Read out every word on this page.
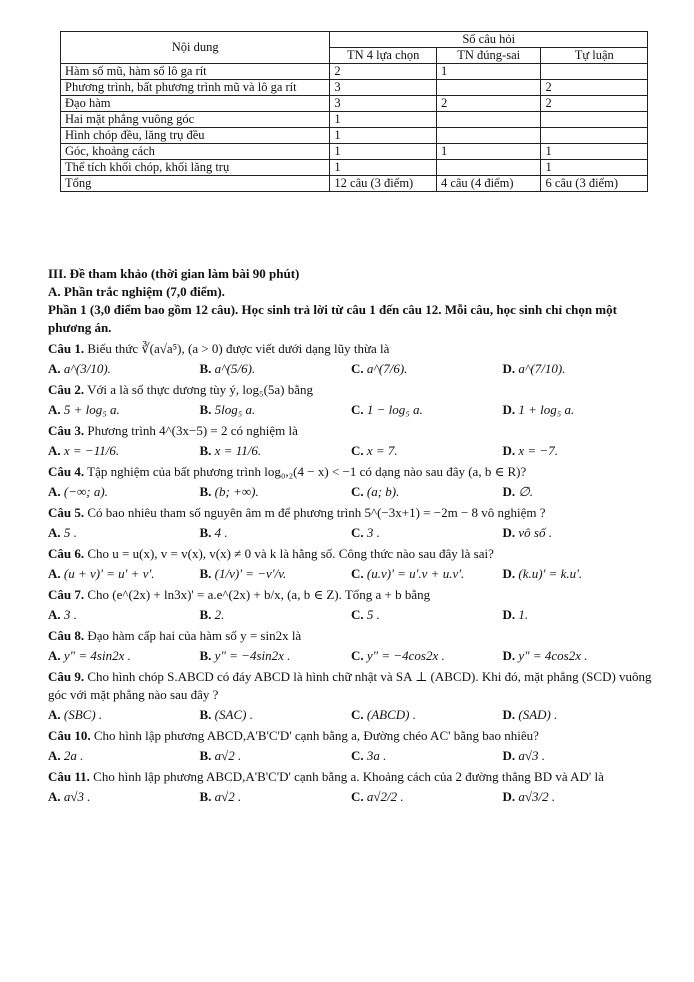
Nội dung	Số câu hỏi		
	TN 4 lựa chọn	TN đúng-sai	Tự luận
Hàm số mũ, hàm số lô ga rít	2	1	
Phương trình, bất phương trình mũ và lô ga rít	3		2
Đạo hàm	3	2	2
Hai mặt phẳng vuông góc	1		
Hình chóp đều, lăng trụ đều	1		
Góc, khoảng cách	1	1	1
Thể tích khối chóp, khối lăng trụ	1		1
Tổng	12 câu (3 điểm)	4 câu (4 điểm)	6 câu (3 điểm)
III. Đề tham khảo (thời gian làm bài 90 phút)
A. Phần trắc nghiệm (7,0 điểm).
Phần 1 (3,0 điểm bao gồm 12 câu). Học sinh trả lời từ câu 1 đến câu 12. Mỗi câu, học sinh chỉ chọn một phương án.
Câu 1. Biểu thức ∛(a√a⁵), (a > 0) được viết dưới dạng lũy thừa là
A. a^(3/10).	B. a^(5/6).	C. a^(7/6).	D. a^(7/10).
Câu 2. Với a là số thực dương tùy ý, log₅(5a) bằng
A. 5 + log₅ a.	B. 5log₅ a.	C. 1 − log₅ a.	D. 1 + log₅ a.
Câu 3. Phương trình 4^(3x−5) = 2 có nghiệm là
A. x = −11/6.	B. x = 11/6.	C. x = 7.	D. x = −7.
Câu 4. Tập nghiệm của bất phương trình log₀,₂(4 − x) < −1 có dạng nào sau đây (a, b ∈ R)?
A. (−∞; a).	B. (b; +∞).	C. (a; b).	D. ∅.
Câu 5. Có bao nhiêu tham số nguyên âm m để phương trình 5^(−3x+1) = −2m − 8 vô nghiệm ?
A. 5 .	B. 4 .	C. 3 .	D. vô số .
Câu 6. Cho u = u(x), v = v(x), v(x) ≠ 0 và k là hằng số. Công thức nào sau đây là sai?
A. (u + v)' = u' + v'.	B. (1/v)' = −v'/v.	C. (u.v)' = u'.v + u.v'.	D. (k.u)' = k.u'.
Câu 7. Cho (e^(2x) + ln3x)' = a.e^(2x) + b/x, (a, b ∈ Z). Tổng a + b bằng
A. 3 .	B. 2.	C. 5 .	D. 1.
Câu 8. Đạo hàm cấp hai của hàm số y = sin2x là
A. y" = 4sin2x .	B. y" = −4sin2x .	C. y" = −4cos2x .	D. y" = 4cos2x .
Câu 9. Cho hình chóp S.ABCD có đáy ABCD là hình chữ nhật và SA ⊥ (ABCD). Khi đó, mặt phẳng (SCD) vuông góc với mặt phẳng nào sau đây ?
A. (SBC) .	B. (SAC) .	C. (ABCD) .	D. (SAD) .
Câu 10. Cho hình lập phương ABCD,A'B'C'D' cạnh bằng a, Đường chéo AC' bằng bao nhiêu?
A. 2a .	B. a√2 .	C. 3a .	D. a√3 .
Câu 11. Cho hình lập phương ABCD,A'B'C'D' cạnh bằng a. Khoảng cách của 2 đường thẳng BD và AD' là
A. a√3 .	B. a√2 .	C. a√2/2 .	D. a√3/2 .
